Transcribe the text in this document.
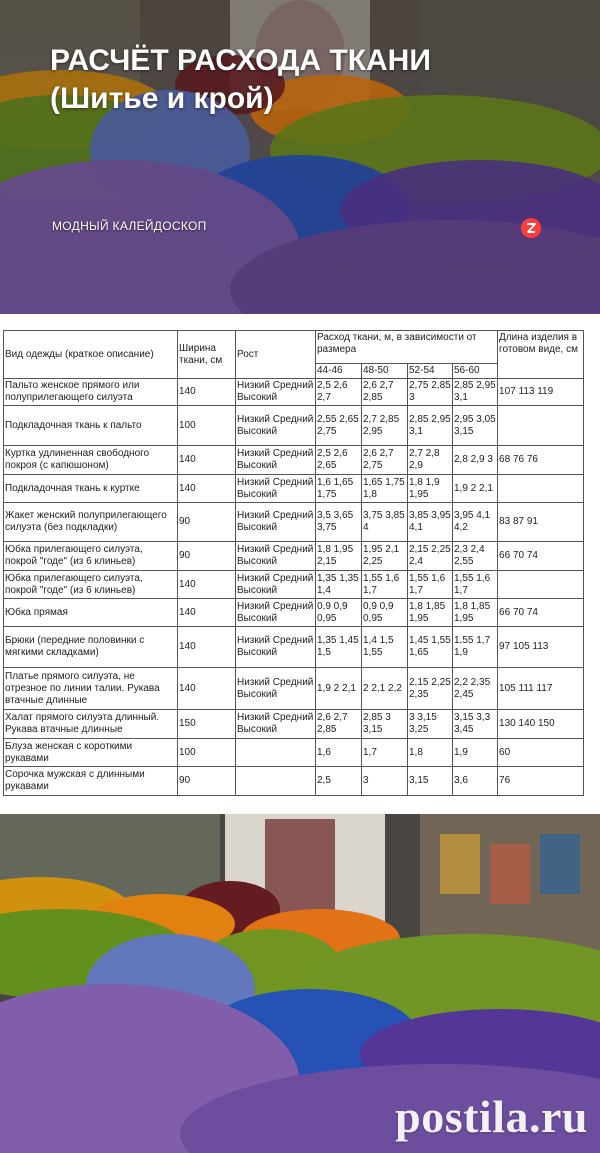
РАСЧЁТ РАСХОДА ТКАНИ
(Шитье и крой)
МОДНЫЙ КАЛЕЙДОСКОП
Вид одежды (краткое описание)	Ширина ткани, см	Рост	Расход ткани, м, в зависимости от размера				Длина изделия в готовом виде, см
			44-46	48-50	52-54	56-60	
Пальто женское прямого или полуприлегающего силуэта	140	Низкий Средний Высокий	2,5 2,6 2,7	2,6 2,7 2,85	2,75 2,85 3	2,85 2,95 3,1	107 113 119
Подкладочная ткань к пальто	100	Низкий Средний Высокий	2,55 2,65 2,75	2,7 2,85 2,95	2,85 2,95 3,1	2,95 3,05 3,15	
Куртка удлиненная свободного покроя (с капюшоном)	140	Низкий Средний Высокий	2,5 2,6 2,65	2,6 2,7 2,75	2,7 2,8 2,9	2,8 2,9 3	68 76 76
Подкладочная ткань к куртке	140	Низкий Средний Высокий	1,6 1,65 1,75	1,65 1,75 1,8	1,8 1,9 1,95	1,9 2 2,1	
Жакет женский полуприлегающего силуэта (без подкладки)	90	Низкий Средний Высокий	3,5 3,65 3,75	3,75 3,85 4	3,85 3,95 4,1	3,95 4,1 4,2	83 87 91
Юбка прилегающего силуэта, покрой "годе" (из 6 клиньев)	90	Низкий Средний Высокий	1,8 1,95 2,15	1,95 2,1 2,25	2,15 2,25 2,4	2,3 2,4 2,55	66 70 74
Юбка прилегающего силуэта, покрой "годе" (из 6 клиньев)	140	Низкий Средний Высокий	1,35 1,35 1,4	1,55 1,6 1,7	1,55 1,6 1,7	1,55 1,6 1,7	
Юбка прямая	140	Низкий Средний Высокий	0,9 0,9 0,95	0,9 0,9 0,95	1,8 1,85 1,95	1,8 1,85 1,95	66 70 74
Брюки (передние половинки с мягкими складками)	140	Низкий Средний Высокий	1,35 1,45 1,5	1,4 1,5 1,55	1,45 1,55 1,65	1,55 1,7 1,9	97 105 113
Платье прямого силуэта, не отрезное по линии талии. Рукава втачные длинные	140	Низкий Средний Высокий	1,9 2 2,1	2 2,1 2,2	2,15 2,25 2,35	2,2 2,35 2,45	105 111 117
Халат прямого силуэта длинный. Рукава втачные длинные	150	Низкий Средний Высокий	2,6 2,7 2,85	2,85 3 3,15	3 3,15 3,25	3,15 3,3 3,45	130 140 150
Блуза женская с короткими рукавами	100		1,6	1,7	1,8	1,9	60
Сорочка мужская с длинными рукавами	90		2,5	3	3,15	3,6	76
postila.ru
